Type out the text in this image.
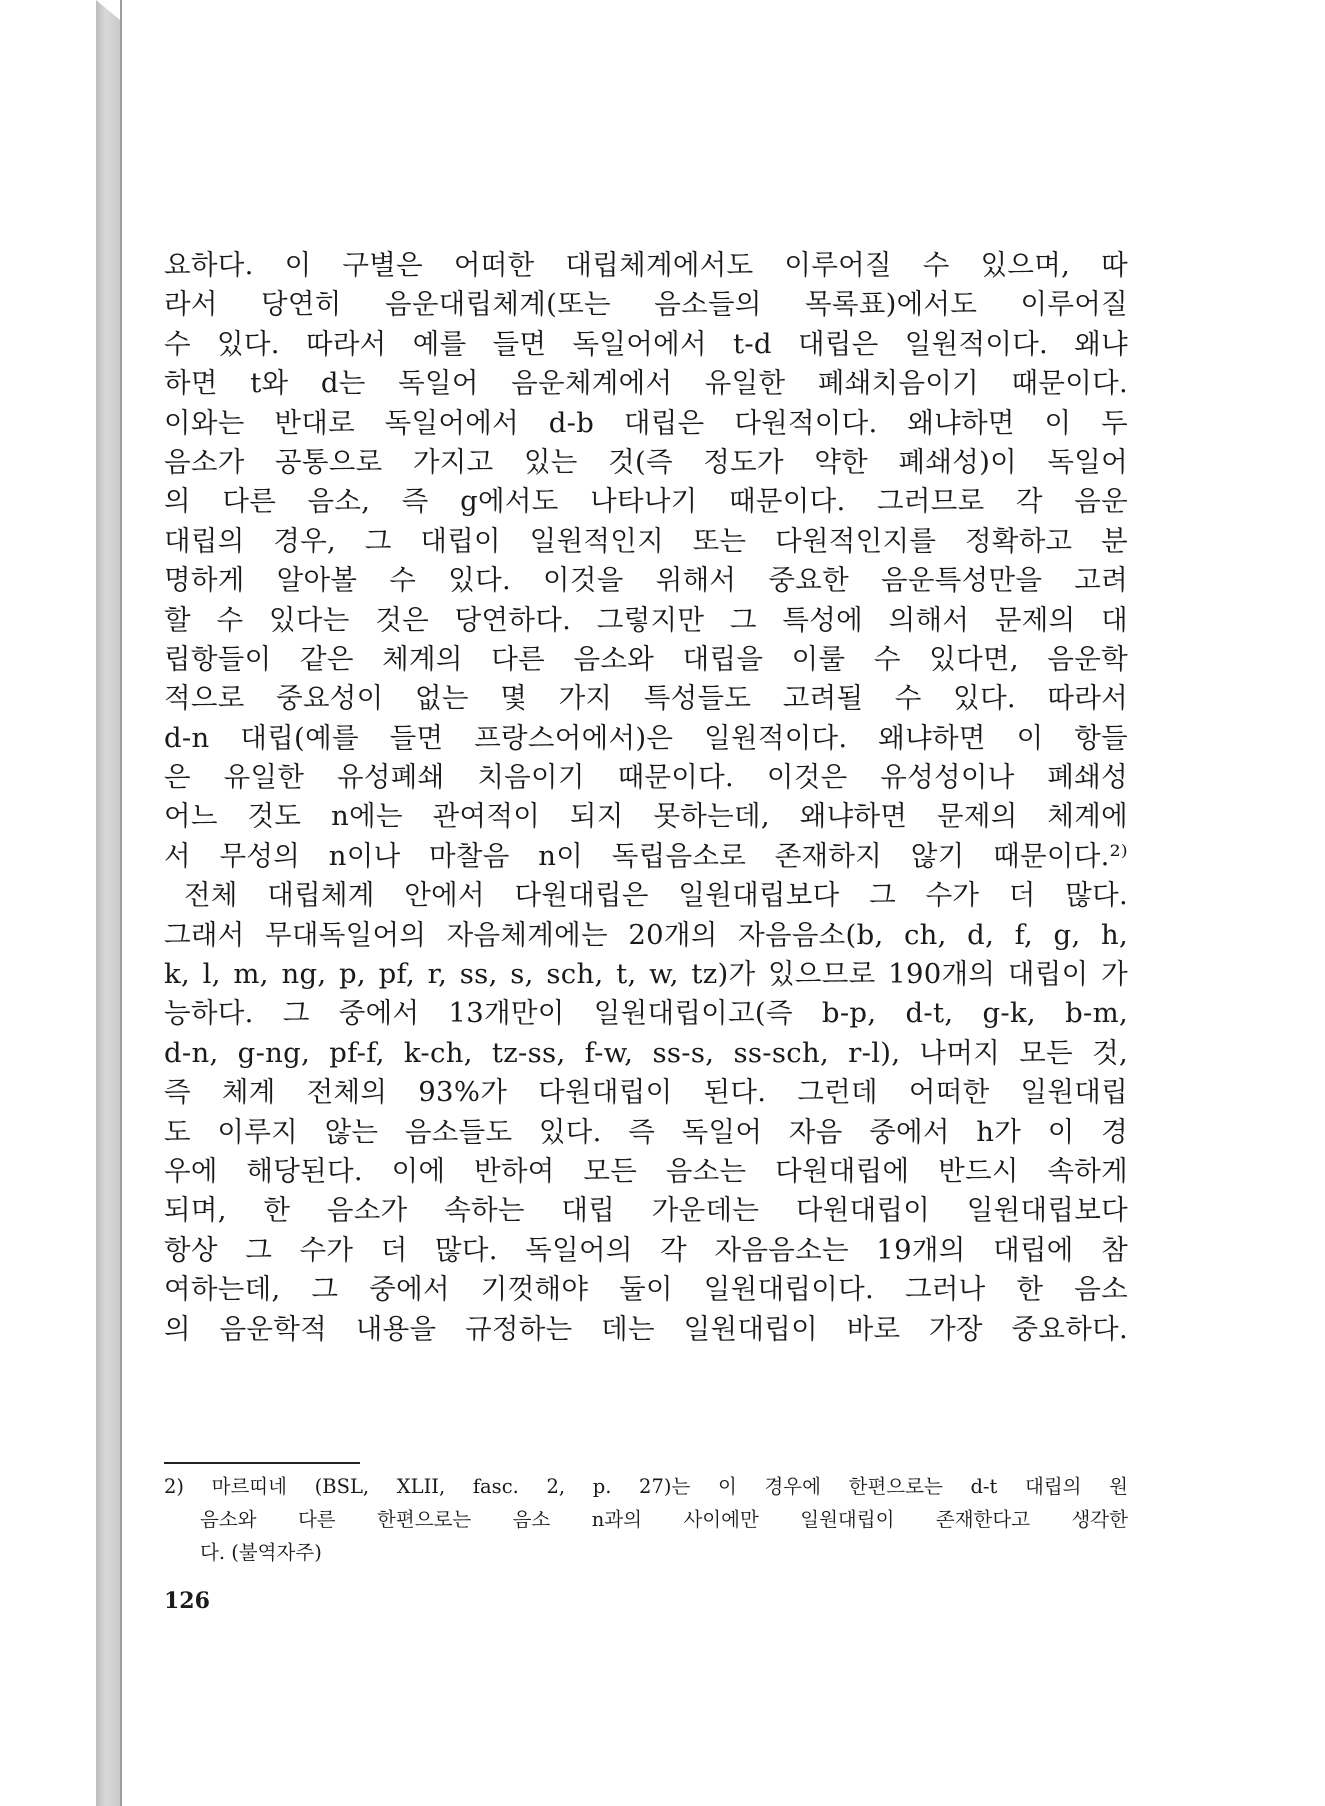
요하다. 이 구별은 어떠한 대립체계에서도 이루어질 수 있으며, 따
라서 당연히 음운대립체계(또는 음소들의 목록표)에서도 이루어질
수 있다. 따라서 예를 들면 독일어에서 t-d 대립은 일원적이다. 왜냐
하면 t와 d는 독일어 음운체계에서 유일한 폐쇄치음이기 때문이다.
이와는 반대로 독일어에서 d-b 대립은 다원적이다. 왜냐하면 이 두
음소가 공통으로 가지고 있는 것(즉 정도가 약한 폐쇄성)이 독일어
의 다른 음소, 즉 g에서도 나타나기 때문이다. 그러므로 각 음운
대립의 경우, 그 대립이 일원적인지 또는 다원적인지를 정확하고 분
명하게 알아볼 수 있다. 이것을 위해서 중요한 음운특성만을 고려
할 수 있다는 것은 당연하다. 그렇지만 그 특성에 의해서 문제의 대
립항들이 같은 체계의 다른 음소와 대립을 이룰 수 있다면, 음운학
적으로 중요성이 없는 몇 가지 특성들도 고려될 수 있다. 따라서
d-n 대립(예를 들면 프랑스어에서)은 일원적이다. 왜냐하면 이 항들
은 유일한 유성폐쇄 치음이기 때문이다. 이것은 유성성이나 폐쇄성
어느 것도 n에는 관여적이 되지 못하는데, 왜냐하면 문제의 체계에
서 무성의 n이나 마찰음 n이 독립음소로 존재하지 않기 때문이다.²⁾
전체 대립체계 안에서 다원대립은 일원대립보다 그 수가 더 많다.
그래서 무대독일어의 자음체계에는 20개의 자음음소(b, ch, d, f, g, h,
k, l, m, ng, p, pf, r, ss, s, sch, t, w, tz)가 있으므로 190개의 대립이 가
능하다. 그 중에서 13개만이 일원대립이고(즉 b-p, d-t, g-k, b-m,
d-n, g-ng, pf-f, k-ch, tz-ss, f-w, ss-s, ss-sch, r-l), 나머지 모든 것,
즉 체계 전체의 93%가 다원대립이 된다. 그런데 어떠한 일원대립
도 이루지 않는 음소들도 있다. 즉 독일어 자음 중에서 h가 이 경
우에 해당된다. 이에 반하여 모든 음소는 다원대립에 반드시 속하게
되며, 한 음소가 속하는 대립 가운데는 다원대립이 일원대립보다
항상 그 수가 더 많다. 독일어의 각 자음음소는 19개의 대립에 참
여하는데, 그 중에서 기껏해야 둘이 일원대립이다. 그러나 한 음소
의 음운학적 내용을 규정하는 데는 일원대립이 바로 가장 중요하다.
2) 마르띠네 (BSL, XLII, fasc. 2, p. 27)는 이 경우에 한편으로는 d-t 대립의 원
음소와 다른 한편으로는 음소 n과의 사이에만 일원대립이 존재한다고 생각한
다. (불역자주)
126
